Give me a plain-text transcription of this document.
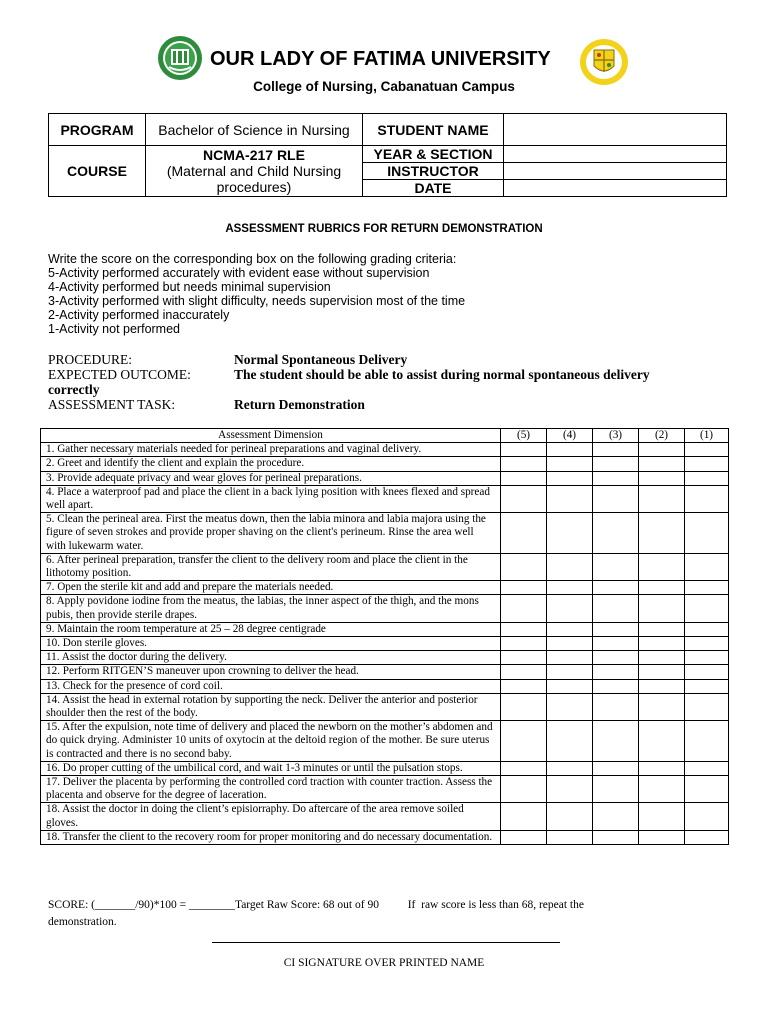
OUR LADY OF FATIMA UNIVERSITY
College of Nursing, Cabanatuan Campus
PROGRAM	Bachelor of Science in Nursing	STUDENT NAME	
COURSE	NCMA-217 RLE
(Maternal and Child Nursing
procedures)	YEAR & SECTION	
		INSTRUCTOR	
		DATE	
ASSESSMENT RUBRICS FOR RETURN DEMONSTRATION
Write the score on the corresponding box on the following grading criteria:
5-Activity performed accurately with evident ease without supervision
4-Activity performed but needs minimal supervision
3-Activity performed with slight difficulty, needs supervision most of the time
2-Activity performed inaccurately
1-Activity not performed
PROCEDURE:	Normal Spontaneous Delivery
EXPECTED OUTCOME:	The student should be able to assist during normal spontaneous delivery
correctly
ASSESSMENT TASK:	Return Demonstration
Assessment Dimension	(5)	(4)	(3)	(2)	(1)
1. Gather necessary materials needed for perineal preparations and vaginal delivery.					
2. Greet and identify the client and explain the procedure.					
3. Provide adequate privacy and wear gloves for perineal preparations.					
4. Place a waterproof pad and place the client in a back lying position with knees flexed and spread well apart.					
5. Clean the perineal area. First the meatus down, then the labia minora and labia majora using the figure of seven strokes and provide proper shaving on the client's perineum. Rinse the area well with lukewarm water.					
6. After perineal preparation, transfer the client to the delivery room and place the client in the lithotomy position.					
7. Open the sterile kit and add and prepare the materials needed.					
8. Apply povidone iodine from the meatus, the labias, the inner aspect of the thigh, and the mons pubis, then provide sterile drapes.					
9. Maintain the room temperature at 25 – 28 degree centigrade					
10. Don sterile gloves.					
11. Assist the doctor during the delivery.					
12. Perform RITGEN’S maneuver upon crowning to deliver the head.					
13. Check for the presence of cord coil.					
14. Assist the head in external rotation by supporting the neck. Deliver the anterior and posterior shoulder then the rest of the body.					
15. After the expulsion, note time of delivery and placed the newborn on the mother’s abdomen and do quick drying. Administer 10 units of oxytocin at the deltoid region of the mother. Be sure uterus is contracted and there is no second baby.					
16. Do proper cutting of the umbilical cord, and wait 1-3 minutes or until the pulsation stops.					
17. Deliver the placenta by performing the controlled cord traction with counter traction. Assess the placenta and observe for the degree of laceration.					
18. Assist the doctor in doing the client’s episiorraphy. Do aftercare of the area remove soiled gloves.					
18. Transfer the client to the recovery room for proper monitoring and do necessary documentation.					
SCORE: (_______/90)*100 = ________Target Raw Score: 68 out of 90          If  raw score is less than 68, repeat the
demonstration.
CI SIGNATURE OVER PRINTED NAME
